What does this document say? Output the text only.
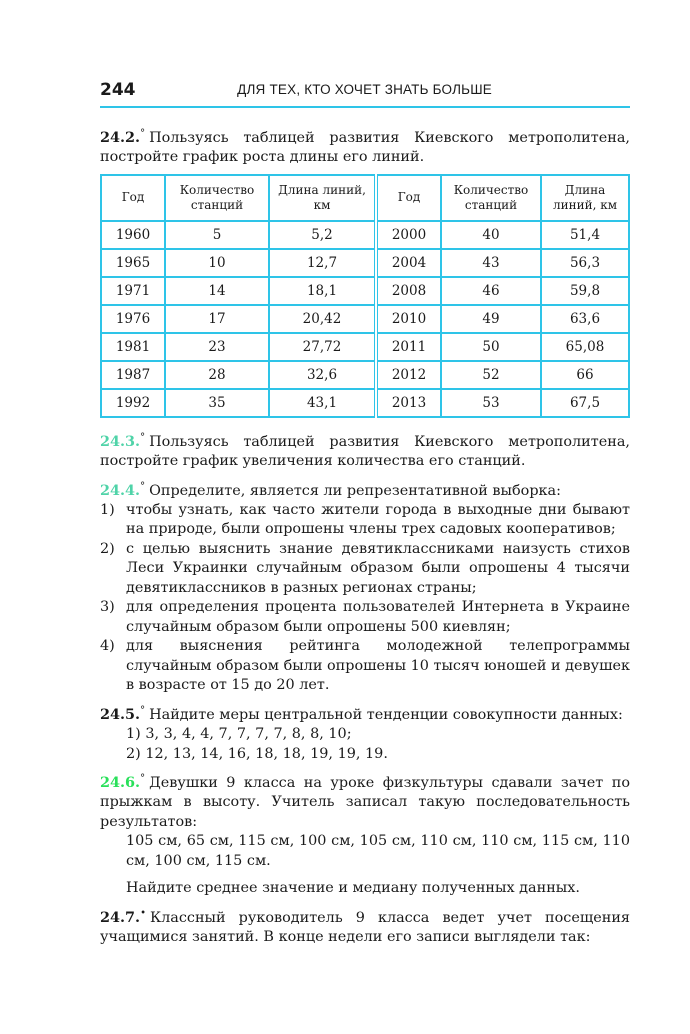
244	ДЛЯ ТЕХ, КТО ХОЧЕТ ЗНАТЬ БОЛЬШЕ

24.2.° Пользуясь таблицей развития Киевского метрополитена, постройте график роста длины его линий.

Год	Количество станций	Длина линий, км	Год	Количество станций	Длина линий, км
1960	5	5,2	2000	40	51,4
1965	10	12,7	2004	43	56,3
1971	14	18,1	2008	46	59,8
1976	17	20,42	2010	49	63,6
1981	23	27,72	2011	50	65,08
1987	28	32,6	2012	52	66
1992	35	43,1	2013	53	67,5

24.3.° Пользуясь таблицей развития Киевского метрополитена, постройте график увеличения количества его станций.

24.4.° Определите, является ли репрезентативной выборка:

1) чтобы узнать, как часто жители города в выходные дни бывают на природе, были опрошены члены трех садовых кооперативов;
2) с целью выяснить знание девятиклассниками наизусть стихов Леси Украинки случайным образом были опрошены 4 тысячи девятиклассников в разных регионах страны;
3) для определения процента пользователей Интернета в Украине случайным образом были опрошены 500 киевлян;
4) для выяснения рейтинга молодежной телепрограммы случайным образом были опрошены 10 тысяч юношей и девушек в возрасте от 15 до 20 лет.

24.5.° Найдите меры центральной тенденции совокупности данных:

1) 3, 3, 4, 4, 7, 7, 7, 7, 8, 8, 10;
2) 12, 13, 14, 16, 18, 18, 19, 19, 19.

24.6.° Девушки 9 класса на уроке физкультуры сдавали зачет по прыжкам в высоту. Учитель записал такую последовательность результатов:

105 см, 65 см, 115 см, 100 см, 105 см, 110 см, 110 см, 115 см, 110 см, 100 см, 115 см.
Найдите среднее значение и медиану полученных данных.

24.7.• Классный руководитель 9 класса ведет учет посещения учащимися занятий. В конце недели его записи выглядели так:
